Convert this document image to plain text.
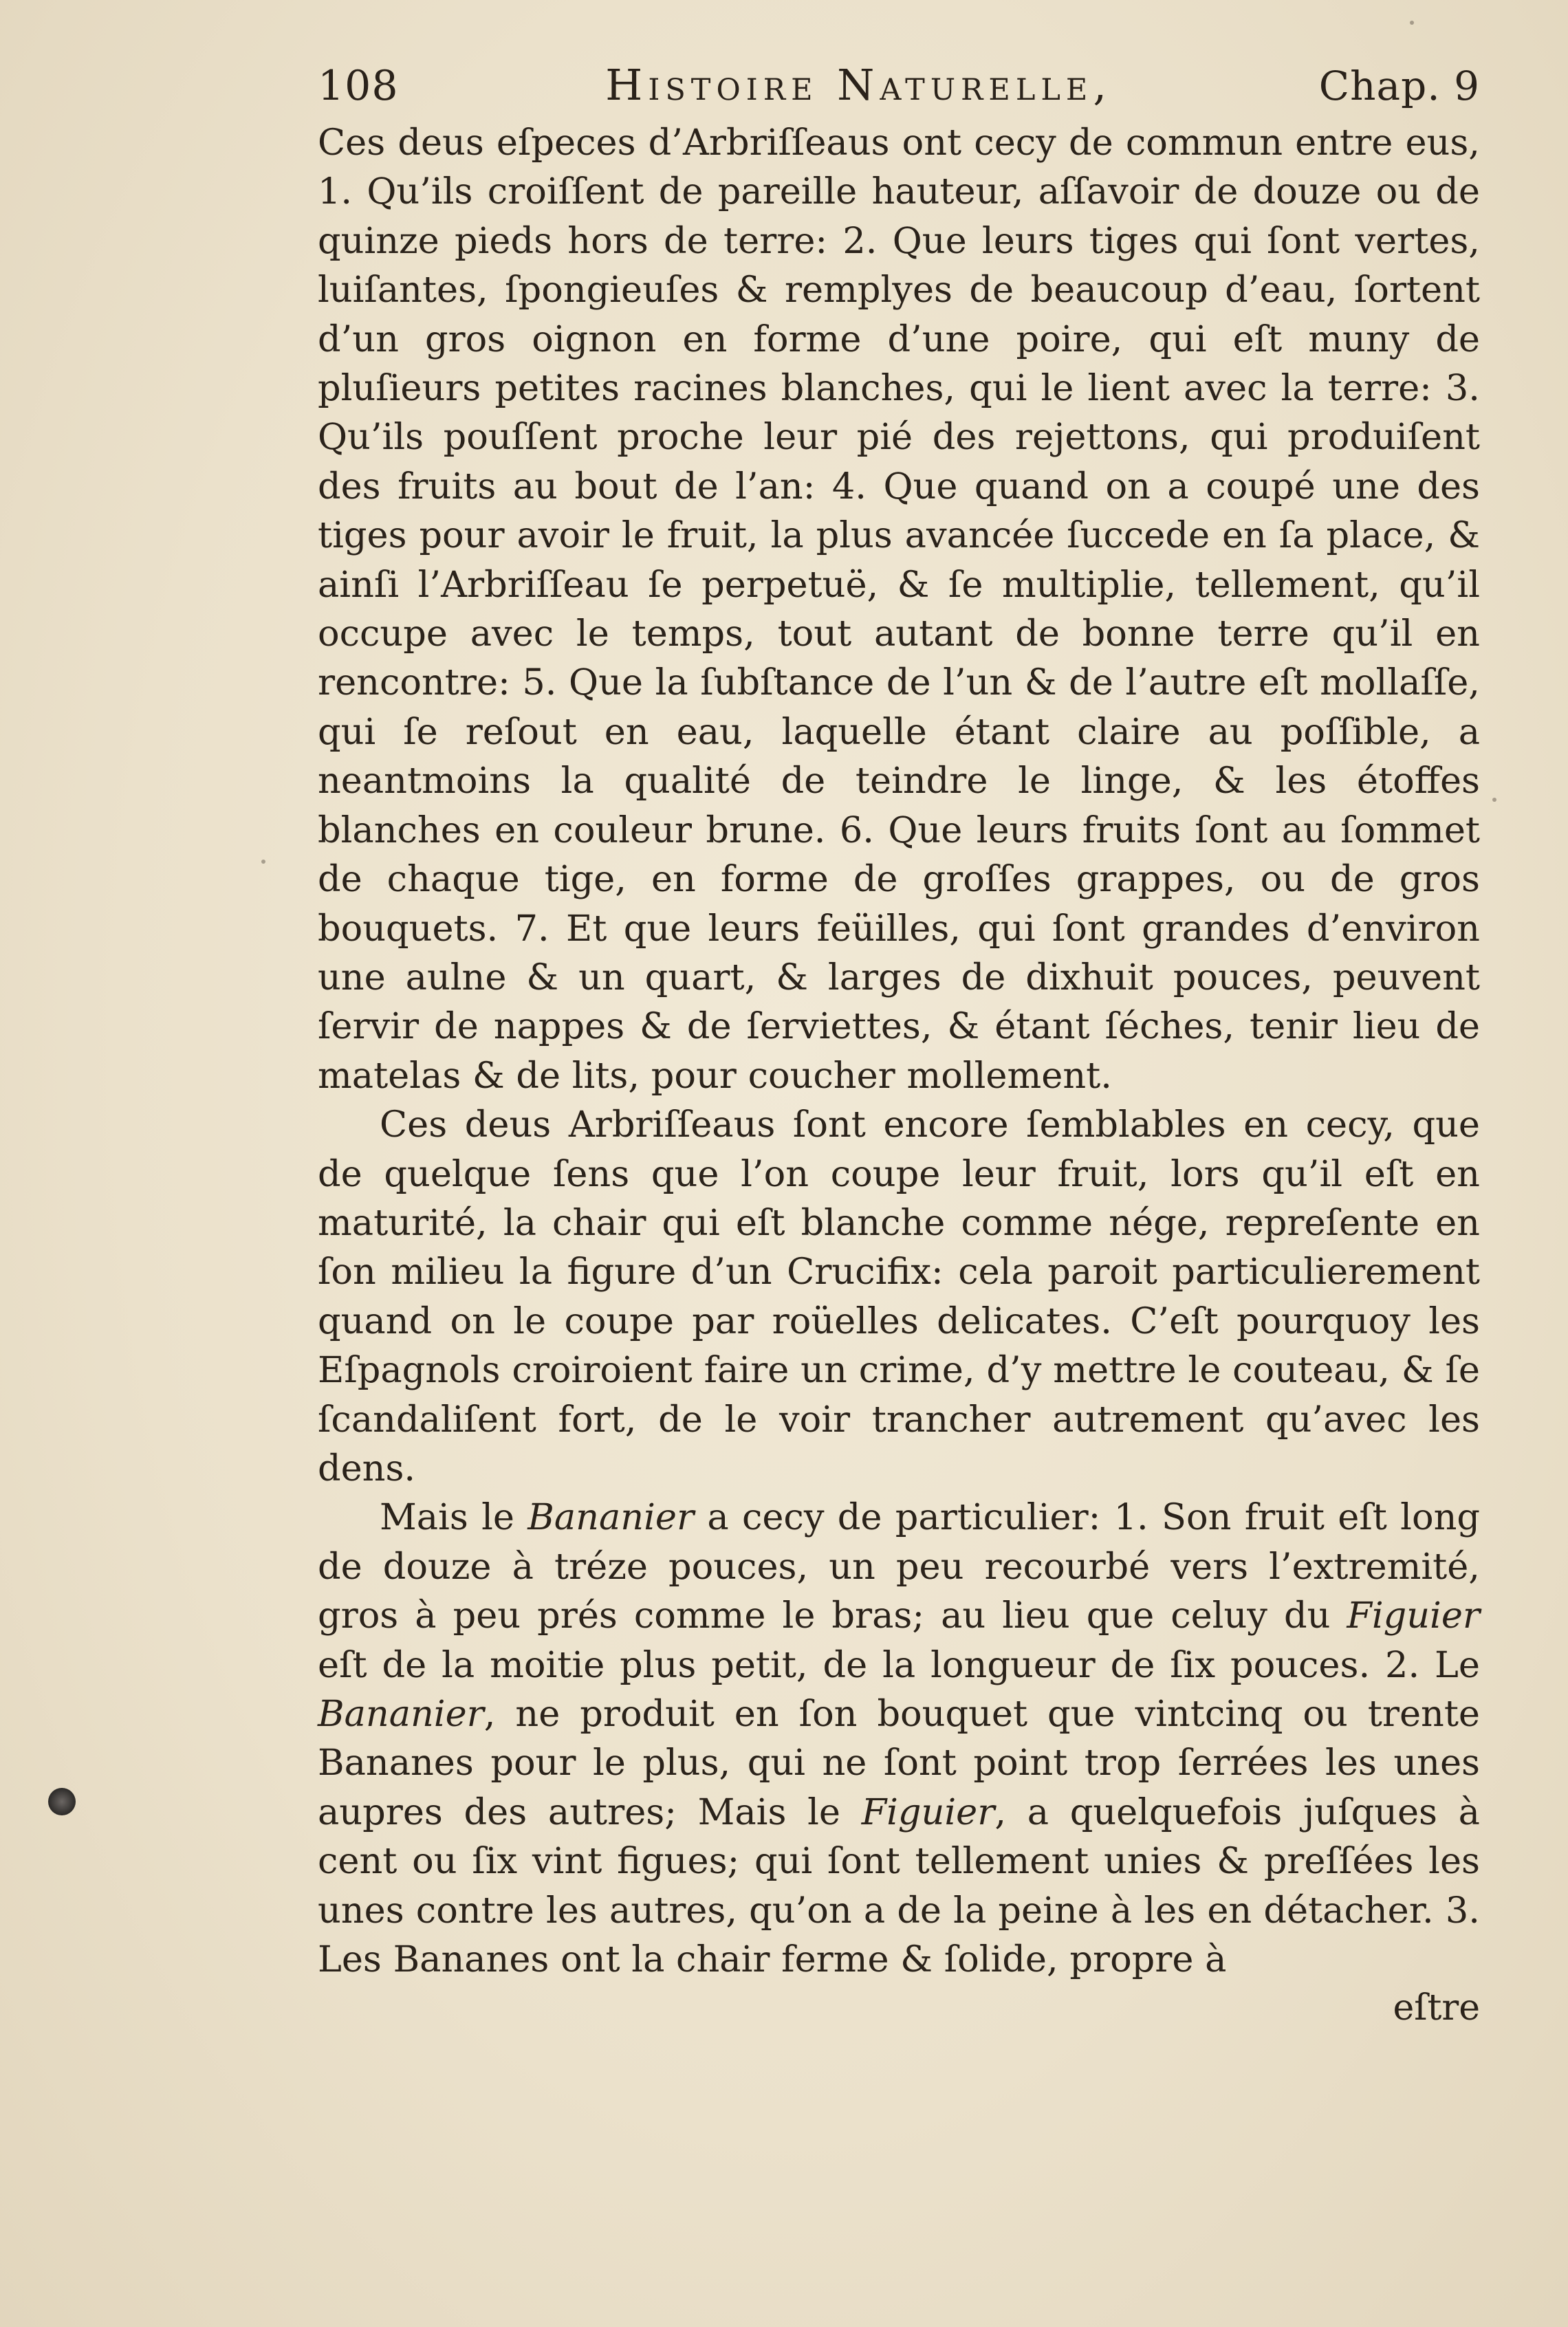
108	Histoire Naturelle,	Chap. 9

Ces deus eſpeces d’Arbriſſeaus ont cecy de commun entre eus, 1. Qu’ils croiſſent de pareille hauteur, aſſavoir de douze ou de quinze pieds hors de terre: 2. Que leurs tiges qui ſont vertes, luiſantes, ſpongieuſes & remplyes de beaucoup d’eau, ſortent d’un gros oignon en forme d’une poire, qui eſt muny de pluſieurs petites racines blanches, qui le lient avec la terre: 3. Qu’ils pouſſent proche leur pié des rejettons, qui produiſent des fruits au bout de l’an: 4. Que quand on a coupé une des tiges pour avoir le fruit, la plus avancée ſuccede en ſa place, & ainſi l’Arbriſſeau ſe perpetuë, & ſe multiplie, tellement, qu’il occupe avec le temps, tout autant de bonne terre qu’il en rencontre: 5. Que la ſubſtance de l’un & de l’autre eſt mollaſſe, qui ſe reſout en eau, laquelle étant claire au poſſible, a neantmoins la qualité de teindre le linge, & les étoffes blanches en couleur brune. 6. Que leurs fruits ſont au ſommet de chaque tige, en forme de groſſes grappes, ou de gros bouquets. 7. Et que leurs feüilles, qui ſont grandes d’environ une aulne & un quart, & larges de dixhuit pouces, peuvent ſervir de nappes & de ſerviettes, & étant ſéches, tenir lieu de matelas & de lits, pour coucher mollement.

Ces deus Arbriſſeaus ſont encore ſemblables en cecy, que de quelque ſens que l’on coupe leur fruit, lors qu’il eſt en maturité, la chair qui eſt blanche comme nége, repreſente en ſon milieu la figure d’un Crucifix: cela paroit particulierement quand on le coupe par roüelles delicates. C’eſt pourquoy les Eſpagnols croiroient faire un crime, d’y mettre le couteau, & ſe ſcandaliſent fort, de le voir trancher autrement qu’avec les dens.

Mais le Bananier a cecy de particulier: 1. Son fruit eſt long de douze à tréze pouces, un peu recourbé vers l’extremité, gros à peu prés comme le bras; au lieu que celuy du Figuier eſt de la moitie plus petit, de la longueur de ſix pouces. 2. Le Bananier, ne produit en ſon bouquet que vintcinq ou trente Bananes pour le plus, qui ne ſont point trop ſerrées les unes aupres des autres; Mais le Figuier, a quelquefois juſques à cent ou ſix vint figues; qui ſont tellement unies & preſſées les unes contre les autres, qu’on a de la peine à les en détacher. 3. Les Bananes ont la chair ferme & ſolide, propre à

eſtre
